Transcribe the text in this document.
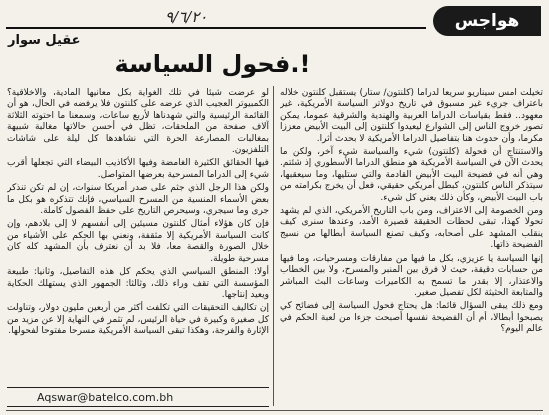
هواجس
٩/٦/٢٠
عقيل سوار
فحول السياسة.!

تخيلت أمس سيناريو سريعا لدراما (كلنتون/ ستار) يستقبل كلنتون خلاله باعتراف جريء غير مسبوق في تاريخ دولاتر السياسة الأمريكية، غير معهود.. فقط بقياسات الدراما العربية والهندية والشرقية عموما، يمكن تصور خروج الناس إلى الشوارع ليعيدوا كلنتون إلى البيت الأبيض معززا مكرما، وأن حدوث هنا بتفاصيل الدراما الأمريكية لا بحدث أثرا.

والاستنتاج أن فحولة (كلنتون) شيء والسياسة شيء آخر، ولكن ما يحدث الآن في السياسة الأمريكية هو منطق الدراما الأسطوري إذ شئتم. وهي أنه في فضيحة البيت الأبيض القادمة والتي ستليها، وما سيعقبها، سيتذكر الناس كلنتون، كبطل أمريكي حقيقي، فعل أن يخرج بكرامته من باب البيت الأبيض، وكأن ذلك يعني كل شيء.

ومن الخصومة إلى الاعتراف، ومن باب التاريخ الأمريكي، الذي لم يشهد تحولا كهذا، تبقى لحظات الحقيقة قصيرة الأمد، وعندها سنرى كيف ينقلب المشهد على أصحابه، وكيف تصنع السياسة أبطالها من نسيج الفضيحة ذاتها.

إنها السياسة يا عزيزي، بكل ما فيها من مفارقات ومسرحيات، وما فيها من حسابات دقيقة، حيث لا فرق بين المنبر والمسرح، ولا بين الخطاب والاعتذار، إلا بقدر ما تسمح به الكاميرات وساعات البث المباشر والمتابعة الحثيثة لكل تفصيل صغير.

ومع ذلك يبقى السؤال قائما: هل يحتاج فحول السياسة إلى فضائح كي يصبحوا أبطالا، أم أن الفضيحة نفسها أصبحت جزءا من لعبة الحكم في عالم اليوم؟

لو عرضت شيئا في تلك الغواية بكل معانيها المادية، والأخلاقية؟ الكمبيوتر العجيب الذي عرضه على كلنتون فلا يرفضه في الحال، هو أن القائمة الرئيسية والتي شهدناها لأربع ساعات، وسمعنا ما احتوته الثلاثة آلاف صفحة من الملحقات، تظل في أحسن حالاتها مغالبة شبيهة بمغالبات المصارعة الحرة التي نشاهدها كل ليلة على شاشات التلفزيون.

فيها الحقائق الكثيرة الغامضة وفيها الأكاذيب البيضاء التي تجعلها أقرب شيء إلى الدراما المسرحية بعرضها المتواصل.

ولكن هذا الرجل الذي جثم على صدر أمريكا سنوات، إن لم تكن تنذكر بعض الأسماء المنسية من المسرح السياسي، فإنك تتذكره هو بكل ما جرى وما سيجري، وسيحرص التاريخ على حفظ الفصول كاملة.

فإن كان هؤلاء أمثال كلنتون مسيئين إلى أنفسهم لا إلى بلادهم، وإن كانت السياسة الأمريكية إلا مثقفة، ونعني بها الحكم على الأشياء من خلال الصورة والقصة معا، فلا بد أن نعترف بأن المشهد كله كان مسرحية طويلة.

أولا: المنطق السياسي الذي يحكم كل هذه التفاصيل، وثانيا: طبيعة المؤسسة التي تقف وراء ذلك، وثالثا: الجمهور الذي يستهلك الحكاية ويعيد إنتاجها.

إن تكاليف التحقيقات التي تكلفت أكثر من أربعين مليون دولار، وتناولت كل صغيرة وكبيرة في حياة الرئيس، لم تثمر في النهاية إلا عن مزيد من الإثارة والفرجة، وهكذا تبقى السياسة الأمريكية مسرحا مفتوحا لفحولها.

Aqswar@batelco.com.bh
